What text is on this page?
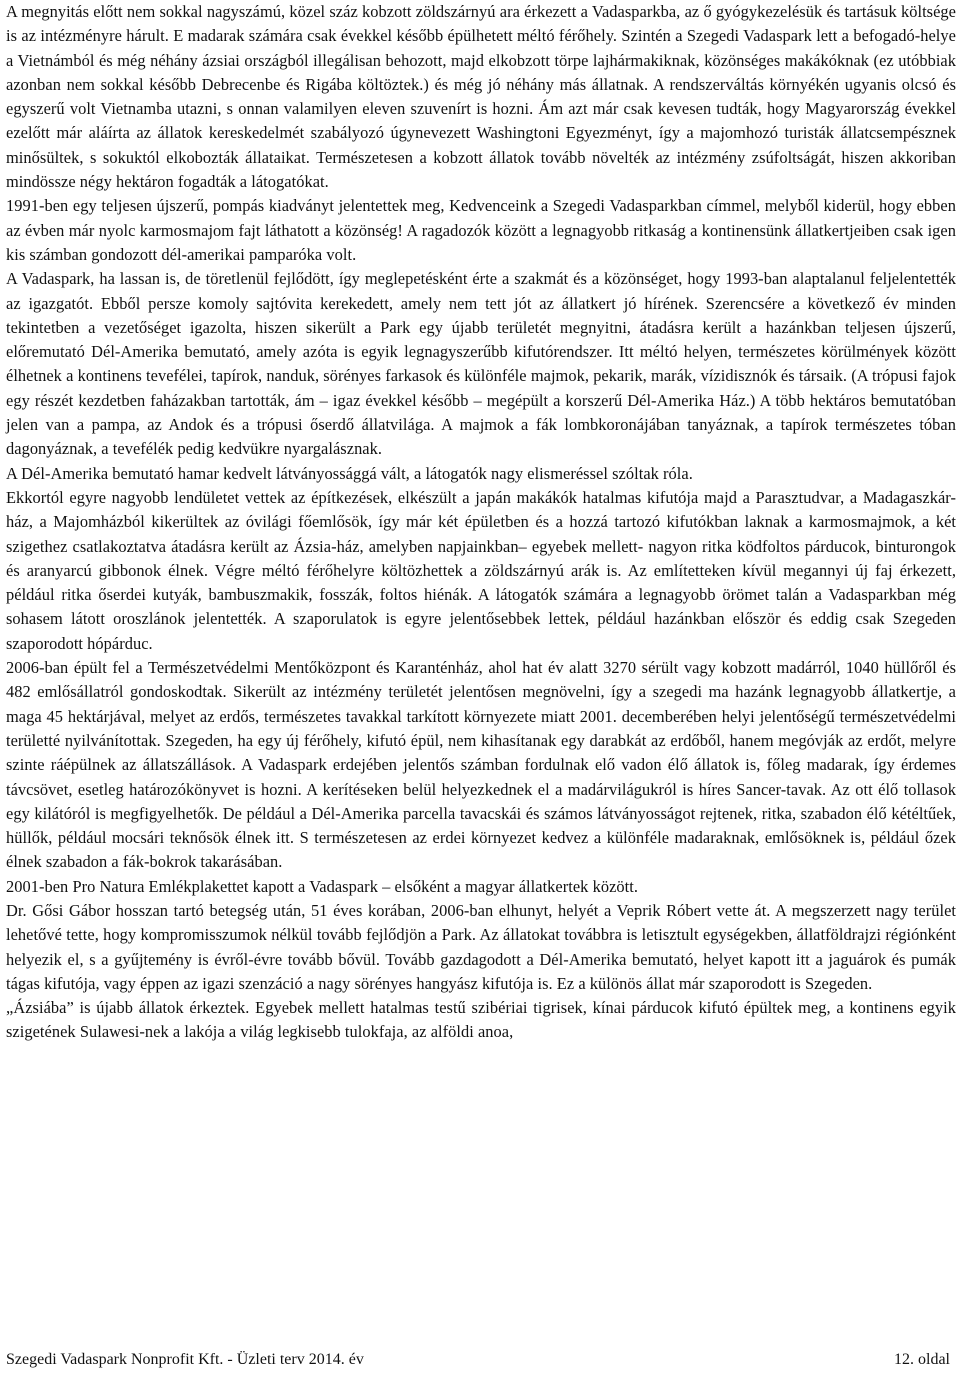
A megnyitás előtt nem sokkal nagyszámú, közel száz kobzott zöldszárnyú ara érkezett a Vadasparkba, az ő gyógykezelésük és tartásuk költsége is az intézményre hárult. E madarak számára csak évekkel később épülhetett méltó férőhely. Szintén a Szegedi Vadaspark lett a befogadó-helye a Vietnámból és még néhány ázsiai országból illegálisan behozott, majd elkobzott törpe lajhármakiknak, közönséges makákóknak (ez utóbbiak azonban nem sokkal később Debrecenbe és Rigába költöztek.) és még jó néhány más állatnak. A rendszerváltás környékén ugyanis olcsó és egyszerű volt Vietnamba utazni, s onnan valamilyen eleven szuvenírt is hozni. Ám azt már csak kevesen tudták, hogy Magyarország évekkel ezelőtt már aláírta az állatok kereskedelmét szabályozó úgynevezett Washingtoni Egyezményt, így a majomhozó turisták állatcsempésznek minősültek, s sokuktól elkobozták állataikat. Természetesen a kobzott állatok tovább növelték az intézmény zsúfoltságát, hiszen akkoriban mindössze négy hektáron fogadták a látogatókat.

1991-ben egy teljesen újszerű, pompás kiadványt jelentettek meg, Kedvenceink a Szegedi Vadasparkban címmel, melyből kiderül, hogy ebben az évben már nyolc karmosmajom fajt láthatott a közönség! A ragadozók között a legnagyobb ritkaság a kontinensünk állatkertjeiben csak igen kis számban gondozott dél-amerikai pamparóka volt.

A Vadaspark, ha lassan is, de töretlenül fejlődött, így meglepetésként érte a szakmát és a közönséget, hogy 1993-ban alaptalanul feljelentették az igazgatót. Ebből persze komoly sajtóvita kerekedett, amely nem tett jót az állatkert jó hírének. Szerencsére a következő év minden tekintetben a vezetőséget igazolta, hiszen sikerült a Park egy újabb területét megnyitni, átadásra került a hazánkban teljesen újszerű, előremutató Dél-Amerika bemutató, amely azóta is egyik legnagyszerűbb kifutórendszer. Itt méltó helyen, természetes körülmények között élhetnek a kontinens tevefélei, tapírok, nanduk, sörényes farkasok és különféle majmok, pekarik, marák, vízidisznók és társaik. (A trópusi fajok egy részét kezdetben faházakban tartották, ám – igaz évekkel később – megépült a korszerű Dél-Amerika Ház.) A több hektáros bemutatóban jelen van a pampa, az Andok és a trópusi őserdő állatvilága. A majmok a fák lombkoronájában tanyáznak, a tapírok természetes tóban dagonyáznak, a tevefélék pedig kedvükre nyargalásznak.

A Dél-Amerika bemutató hamar kedvelt látványossággá vált, a látogatók nagy elismeréssel szóltak róla.

Ekkortól egyre nagyobb lendületet vettek az építkezések, elkészült a japán makákók hatalmas kifutója majd a Parasztudvar, a Madagaszkár-ház, a Majomházból kikerültek az óvilági főemlősök, így már két épületben és a hozzá tartozó kifutókban laknak a karmosmajmok, a két szigethez csatlakoztatva átadásra került az Ázsia-ház, amelyben napjainkban– egyebek mellett- nagyon ritka ködfoltos párducok, binturongok és aranyarcú gibbonok élnek. Végre méltó férőhelyre költözhettek a zöldszárnyú arák is. Az említetteken kívül megannyi új faj érkezett, például ritka őserdei kutyák, bambuszmakik, fosszák, foltos hiénák. A látogatók számára a legnagyobb örömet talán a Vadasparkban még sohasem látott oroszlánok jelentették. A szaporulatok is egyre jelentősebbek lettek, például hazánkban először és eddig csak Szegeden szaporodott hópárduc.

2006-ban épült fel a Természetvédelmi Mentőközpont és Karanténház, ahol hat év alatt 3270 sérült vagy kobzott madárról, 1040 hüllőről és 482 emlősállatról gondoskodtak. Sikerült az intézmény területét jelentősen megnövelni, így a szegedi ma hazánk legnagyobb állatkertje, a maga 45 hektárjával, melyet az erdős, természetes tavakkal tarkított környezete miatt 2001. decemberében helyi jelentőségű természetvédelmi területté nyilvánítottak. Szegeden, ha egy új férőhely, kifutó épül, nem kihasítanak egy darabkát az erdőből, hanem megóvják az erdőt, melyre szinte ráépülnek az állatszállások. A Vadaspark erdejében jelentős számban fordulnak elő vadon élő állatok is, főleg madarak, így érdemes távcsövet, esetleg határozókönyvet is hozni. A kerítéseken belül helyezkednek el a madárvilágukról is híres Sancer-tavak. Az ott élő tollasok egy kilátóról is megfigyelhetők. De például a Dél-Amerika parcella tavacskái és számos látványosságot rejtenek, ritka, szabadon élő kétéltűek, hüllők, például mocsári teknősök élnek itt. S természetesen az erdei környezet kedvez a különféle madaraknak, emlősöknek is, például őzek élnek szabadon a fák-bokrok takarásában.

2001-ben Pro Natura Emlékplakettet kapott a Vadaspark – elsőként a magyar állatkertek között.

Dr. Gősi Gábor hosszan tartó betegség után, 51 éves korában, 2006-ban elhunyt, helyét a Veprik Róbert vette át. A megszerzett nagy terület lehetővé tette, hogy kompromisszumok nélkül tovább fejlődjön a Park. Az állatokat továbbra is letisztult egységekben, állatföldrajzi régiónként helyezik el, s a gyűjtemény is évről-évre tovább bővül. Tovább gazdagodott a Dél-Amerika bemutató, helyet kapott itt a jaguárok és pumák tágas kifutója, vagy éppen az igazi szenzáció a nagy sörényes hangyász kifutója is. Ez a különös állat már szaporodott is Szegeden.

„Ázsiába” is újabb állatok érkeztek. Egyebek mellett hatalmas testű szibériai tigrisek, kínai párducok kifutó épültek meg, a kontinens egyik szigetének Sulawesi-nek a lakója a világ legkisebb tulokfaja, az alföldi anoa,

Szegedi Vadaspark Nonprofit Kft. - Üzleti terv 2014. év	12. oldal
